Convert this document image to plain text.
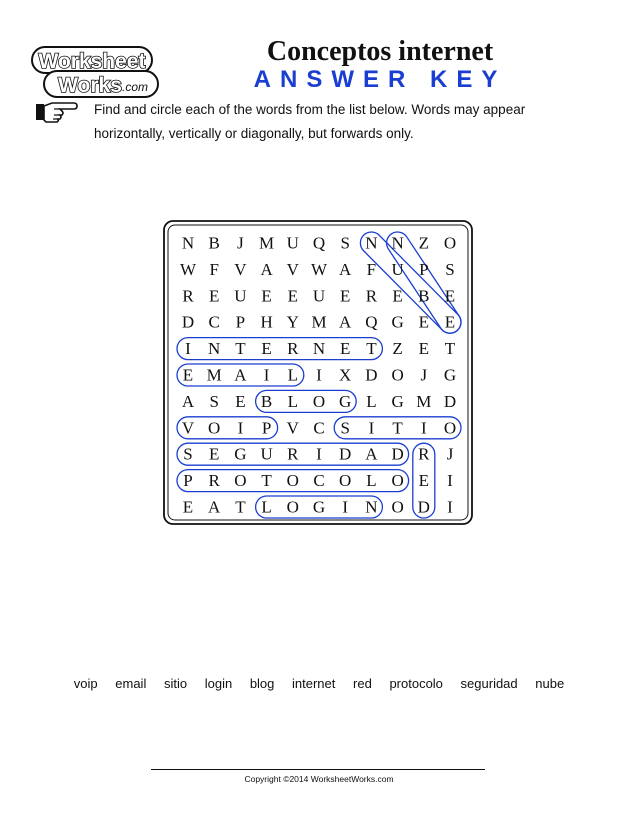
Worksheet
Works .com
Conceptos internet
ANSWER KEY
Find and circle each of the words from the list below. Words may appear horizontally, vertically or diagonally, but forwards only.
N B J M U Q S N N Z O
W F V A V W A F U P S
R E U E E U E R E B E
D C P H Y M A Q G E E
I N T E R N E T Z E T
E M A I L I X D O J G
A S E B L O G L G M D
V O I P V C S I T I O
S E G U R I D A D R J
P R O T O C O L O E I
E A T L O G I N O D I
voip email sitio login blog internet red protocolo seguridad nube
Copyright ©2014 WorksheetWorks.com
